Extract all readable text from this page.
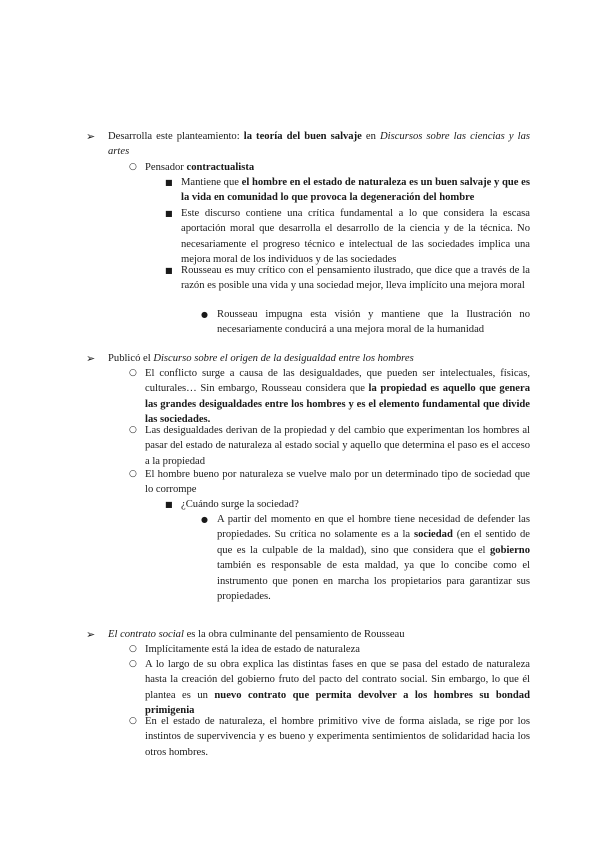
➢ Desarrolla este planteamiento: la teoría del buen salvaje en Discursos sobre las ciencias y las artes
○ Pensador contractualista
■ Mantiene que el hombre en el estado de naturaleza es un buen salvaje y que es la vida en comunidad lo que provoca la degeneración del hombre
■ Este discurso contiene una crítica fundamental a lo que considera la escasa aportación moral que desarrolla el desarrollo de la ciencia y de la técnica. No necesariamente el progreso técnico e intelectual de las sociedades implica una mejora moral de los individuos y de las sociedades
■ Rousseau es muy crítico con el pensamiento ilustrado, que dice que a través de la razón es posible una vida y una sociedad mejor, lleva implícito una mejora moral
● Rousseau impugna esta visión y mantiene que la Ilustración no necesariamente conducirá a una mejora moral de la humanidad
➢ Publicó el Discurso sobre el origen de la desigualdad entre los hombres
○ El conflicto surge a causa de las desigualdades, que pueden ser intelectuales, físicas, culturales… Sin embargo, Rousseau considera que la propiedad es aquello que genera las grandes desigualdades entre los hombres y es el elemento fundamental que divide las sociedades.
○ Las desigualdades derivan de la propiedad y del cambio que experimentan los hombres al pasar del estado de naturaleza al estado social y aquello que determina el paso es el acceso a la propiedad
○ El hombre bueno por naturaleza se vuelve malo por un determinado tipo de sociedad que lo corrompe
■ ¿Cuándo surge la sociedad?
● A partir del momento en que el hombre tiene necesidad de defender las propiedades. Su crítica no solamente es a la sociedad (en el sentido de que es la culpable de la maldad), sino que considera que el gobierno también es responsable de esta maldad, ya que lo concibe como el instrumento que ponen en marcha los propietarios para garantizar sus propiedades.
➢ El contrato social es la obra culminante del pensamiento de Rousseau
○ Implícitamente está la idea de estado de naturaleza
○ A lo largo de su obra explica las distintas fases en que se pasa del estado de naturaleza hasta la creación del gobierno fruto del pacto del contrato social. Sin embargo, lo que él plantea es un nuevo contrato que permita devolver a los hombres su bondad primigenia
○ En el estado de naturaleza, el hombre primitivo vive de forma aislada, se rige por los instintos de supervivencia y es bueno y experimenta sentimientos de solidaridad hacia los otros hombres.
